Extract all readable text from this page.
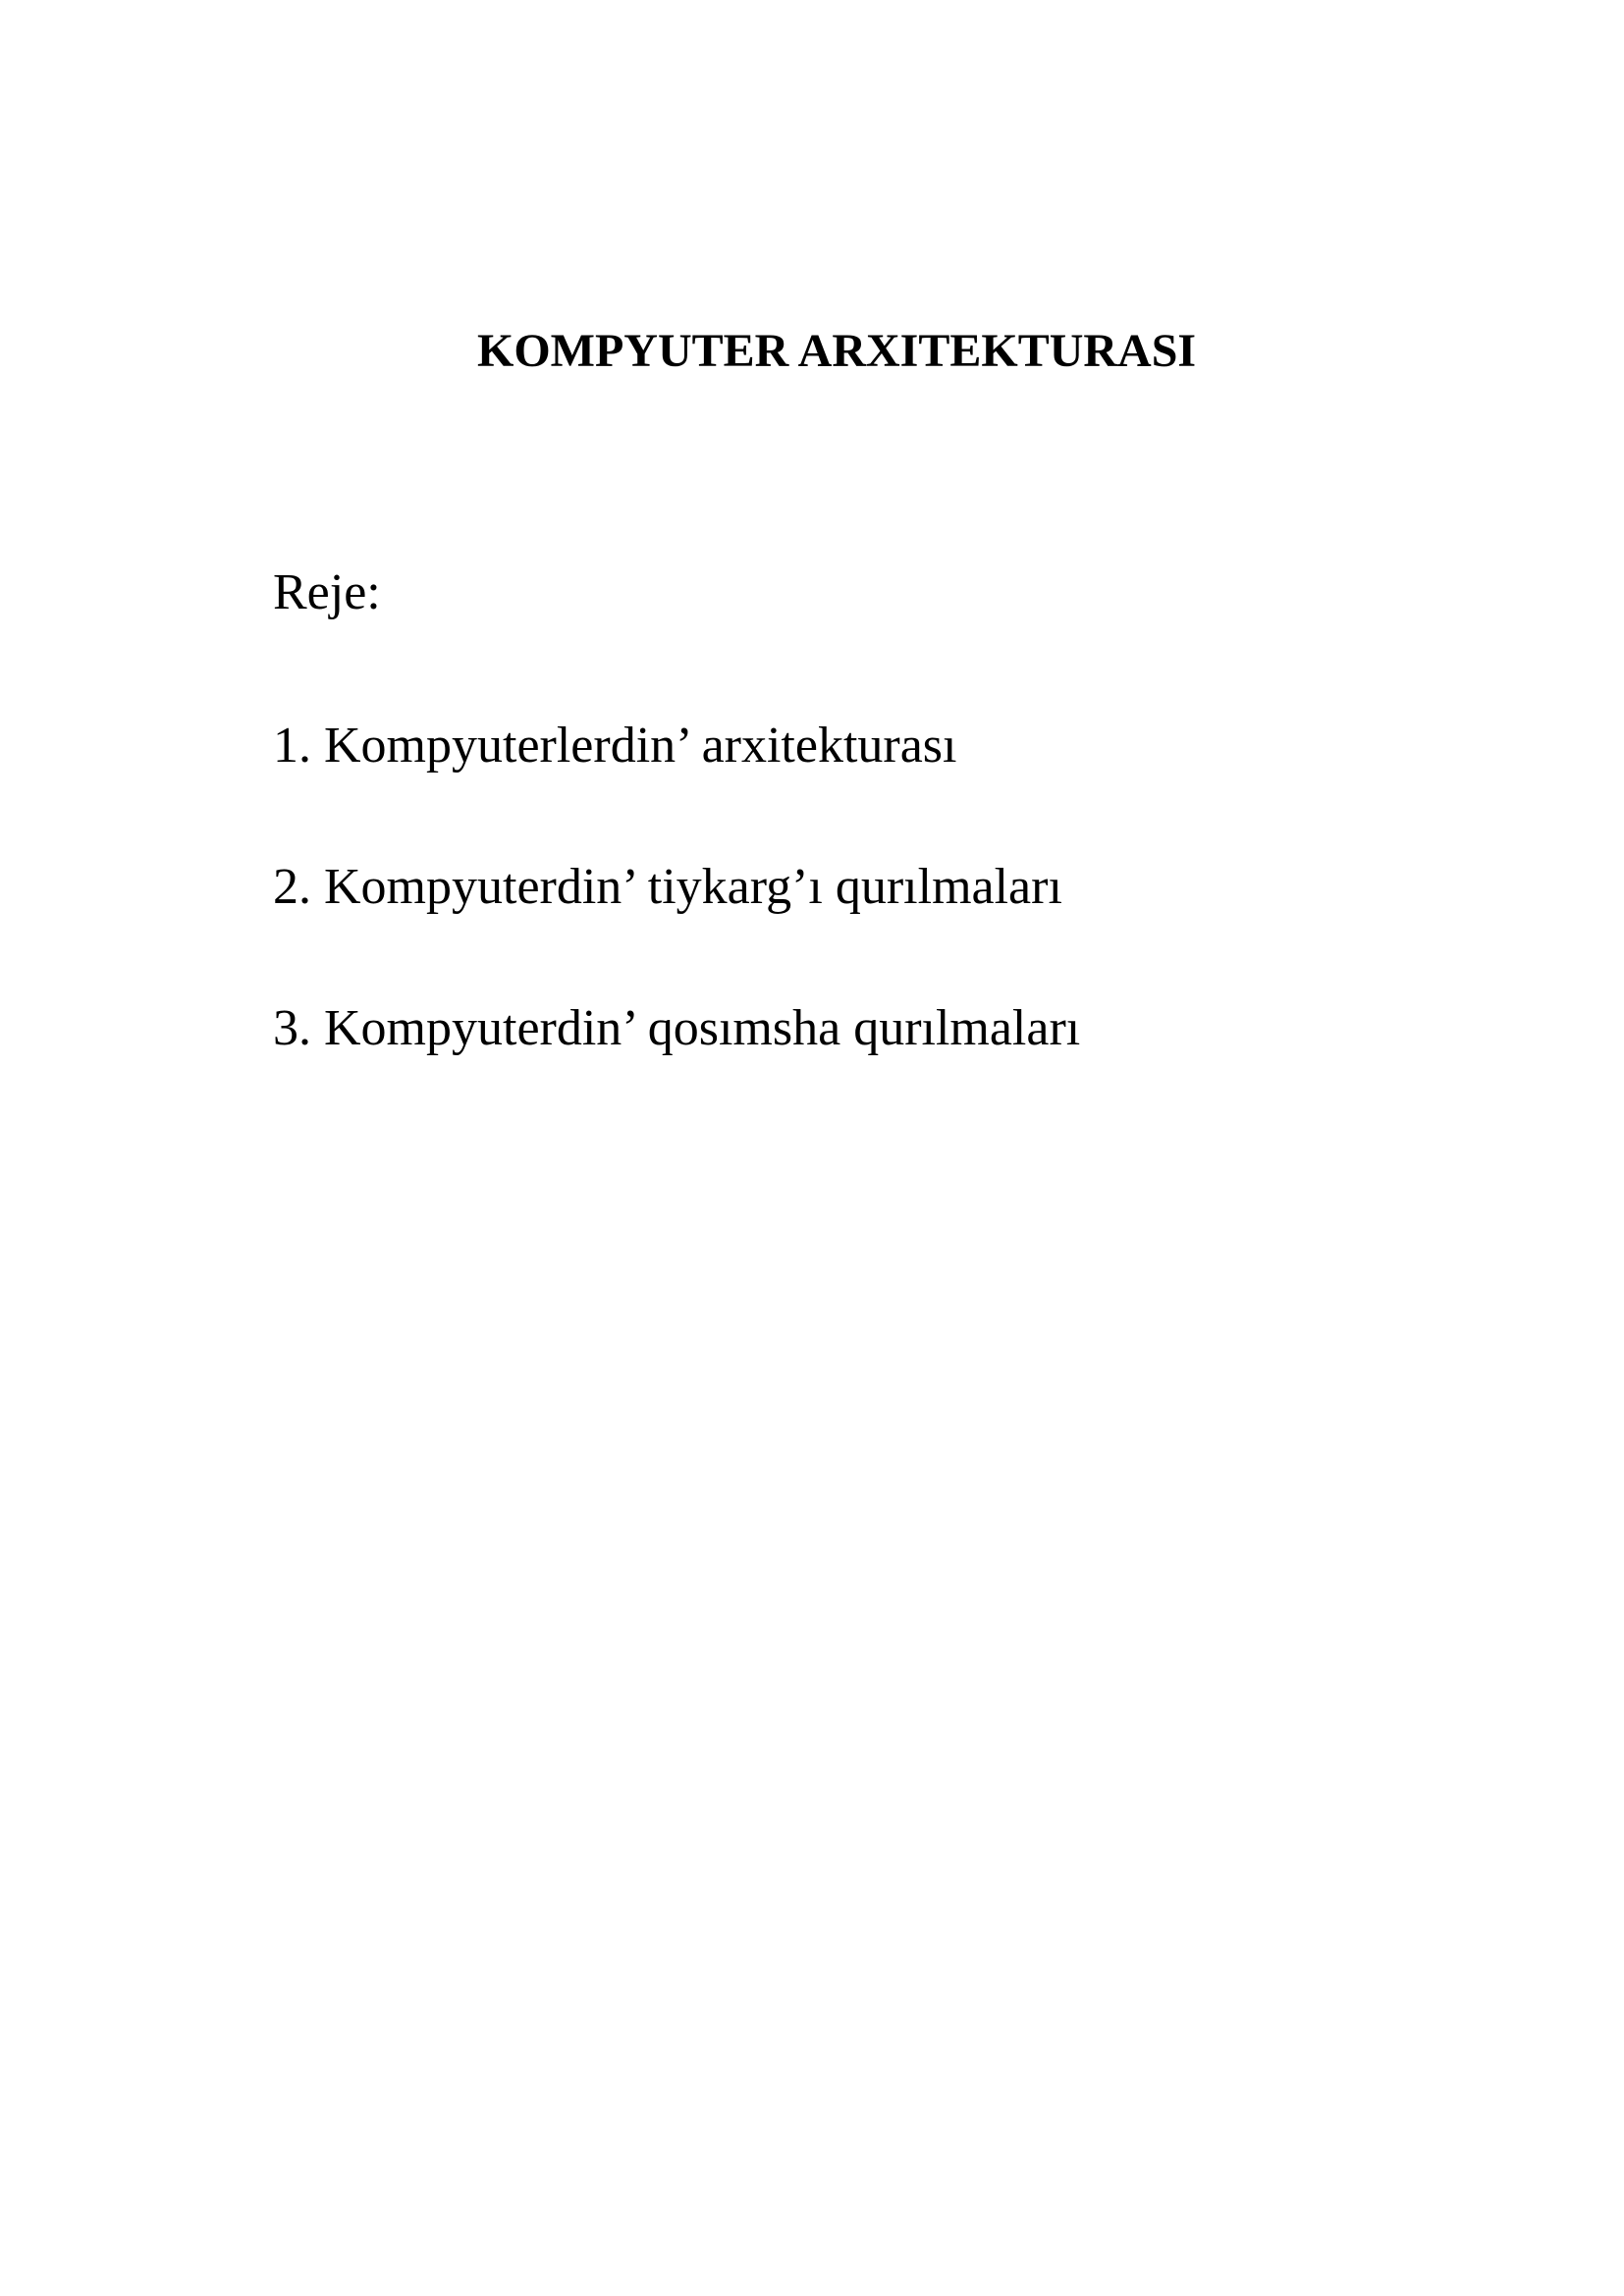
KOMPYUTER ARXITEKTURASI

Reje:

1. Kompyuterlerdin’ arxitekturası
2. Kompyuterdin’ tiykarg’ı qurılmaları
3. Kompyuterdin’ qosımsha qurılmaları
